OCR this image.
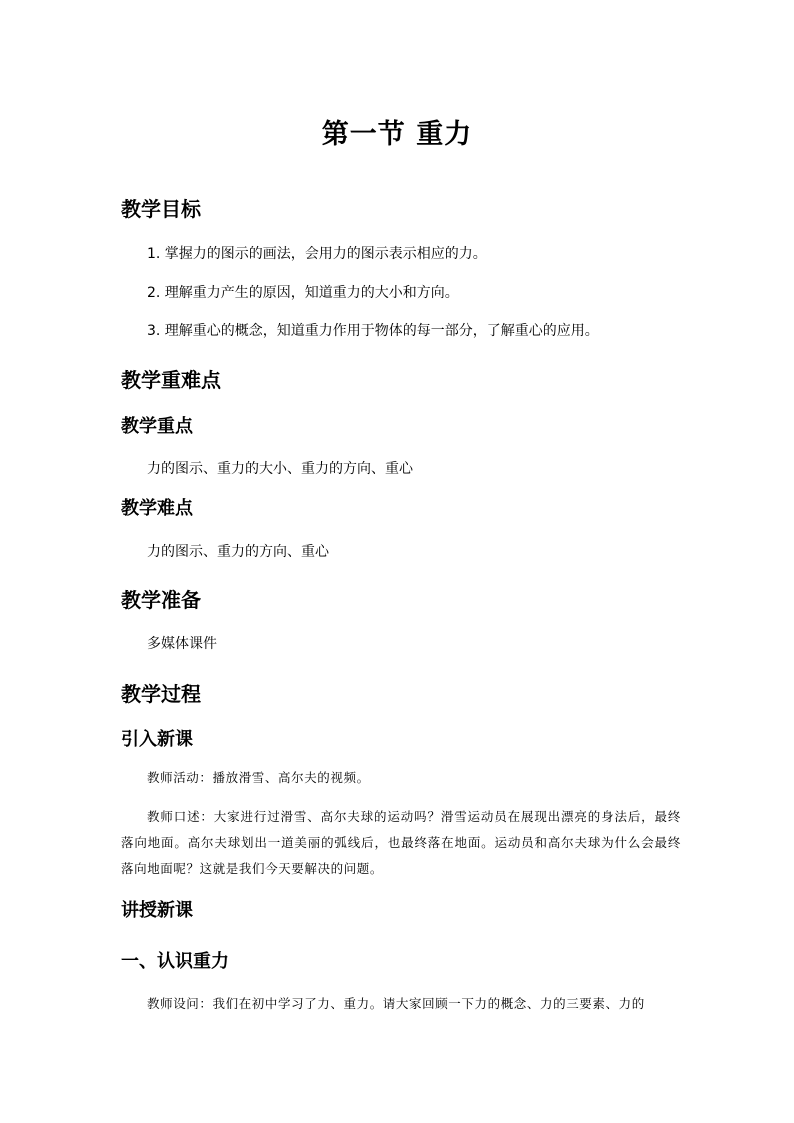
第一节 重力
教学目标
1. 掌握力的图示的画法，会用力的图示表示相应的力。
2. 理解重力产生的原因，知道重力的大小和方向。
3. 理解重心的概念，知道重力作用于物体的每一部分，了解重心的应用。
教学重难点
教学重点
力的图示、重力的大小、重力的方向、重心
教学难点
力的图示、重力的方向、重心
教学准备
多媒体课件
教学过程
引入新课
教师活动：播放滑雪、高尔夫的视频。
教师口述：大家进行过滑雪、高尔夫球的运动吗？滑雪运动员在展现出漂亮的身法后，最终落向地面。高尔夫球划出一道美丽的弧线后，也最终落在地面。运动员和高尔夫球为什么会最终落向地面呢？这就是我们今天要解决的问题。
讲授新课
一、认识重力
教师设问：我们在初中学习了力、重力。请大家回顾一下力的概念、力的三要素、力的
